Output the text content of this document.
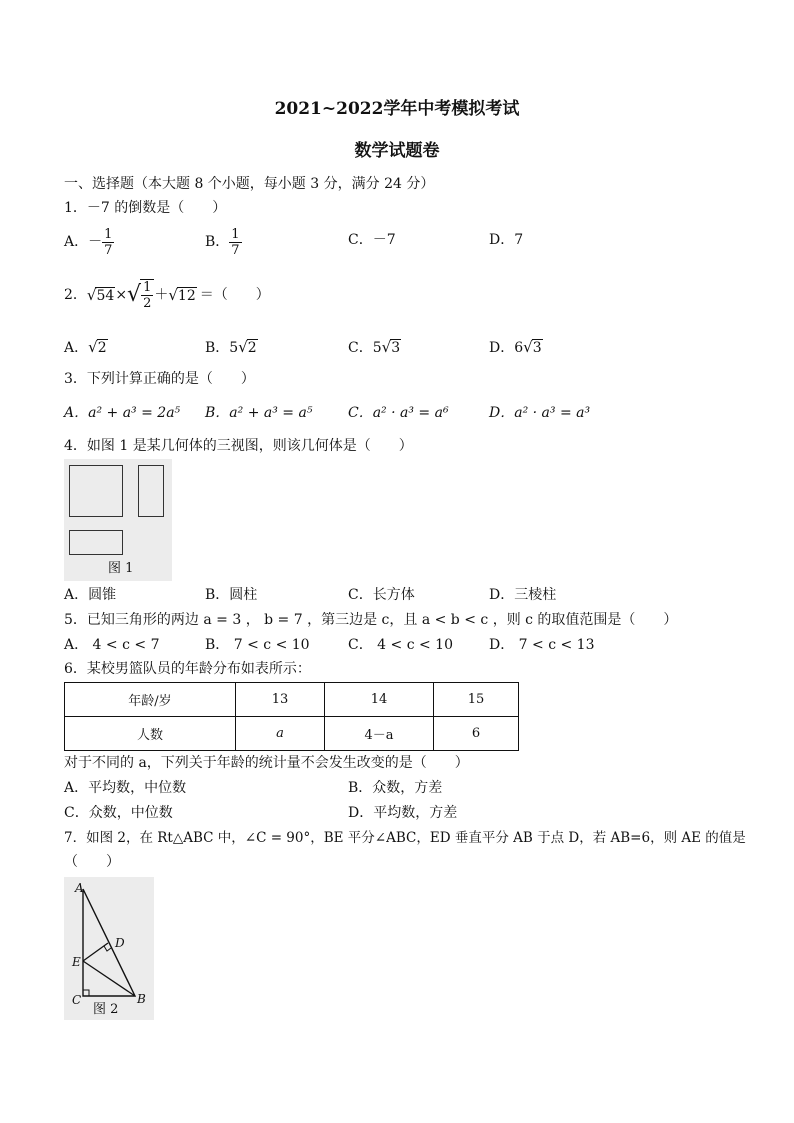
2021~2022学年中考模拟考试
数学试题卷
一、选择题（本大题 8 个小题，每小题 3 分，满分 24 分）
1．－7 的倒数是（　　）
A．－ $\frac{1}{7}$	B． $\frac{1}{7}$	C．－7	D．7
2． √ 54 × √ $\frac{1}{2}$ ＋ √ 12 ＝（　　）
A．√2	B．5√2	C．5√3	D．6√3
3．下列计算正确的是（　　）
A．a² + a³ = 2a⁵ B．a² + a³ = a⁵	C．a² · a³ = a⁶	D．a² · a³ = a³
4．如图 1 是某几何体的三视图，则该几何体是（　　）
图 1
A．圆锥	B．圆柱	C．长方体	D．三棱柱
5．已知三角形的两边 a = 3 ， b = 7 ，第三边是 c，且 a < b < c ，则 c 的取值范围是（　　）
A． 4 < c < 7	B． 7 < c < 10	C． 4 < c < 10	D． 7 < c < 13
6．某校男篮队员的年龄分布如表所示：
年龄/岁	13	14	15
人数	a	4－a	6
对于不同的 a，下列关于年龄的统计量不会发生改变的是（　　）
A．平均数，中位数	B．众数，方差
C．众数，中位数	D．平均数，方差
7．如图 2，在 Rt△ABC 中，∠C = 90°，BE 平分∠ABC，ED 垂直平分 AB 于点 D，若 AB=6，则 AE 的值是
（　　）
A
D
E
C	B
图 2
